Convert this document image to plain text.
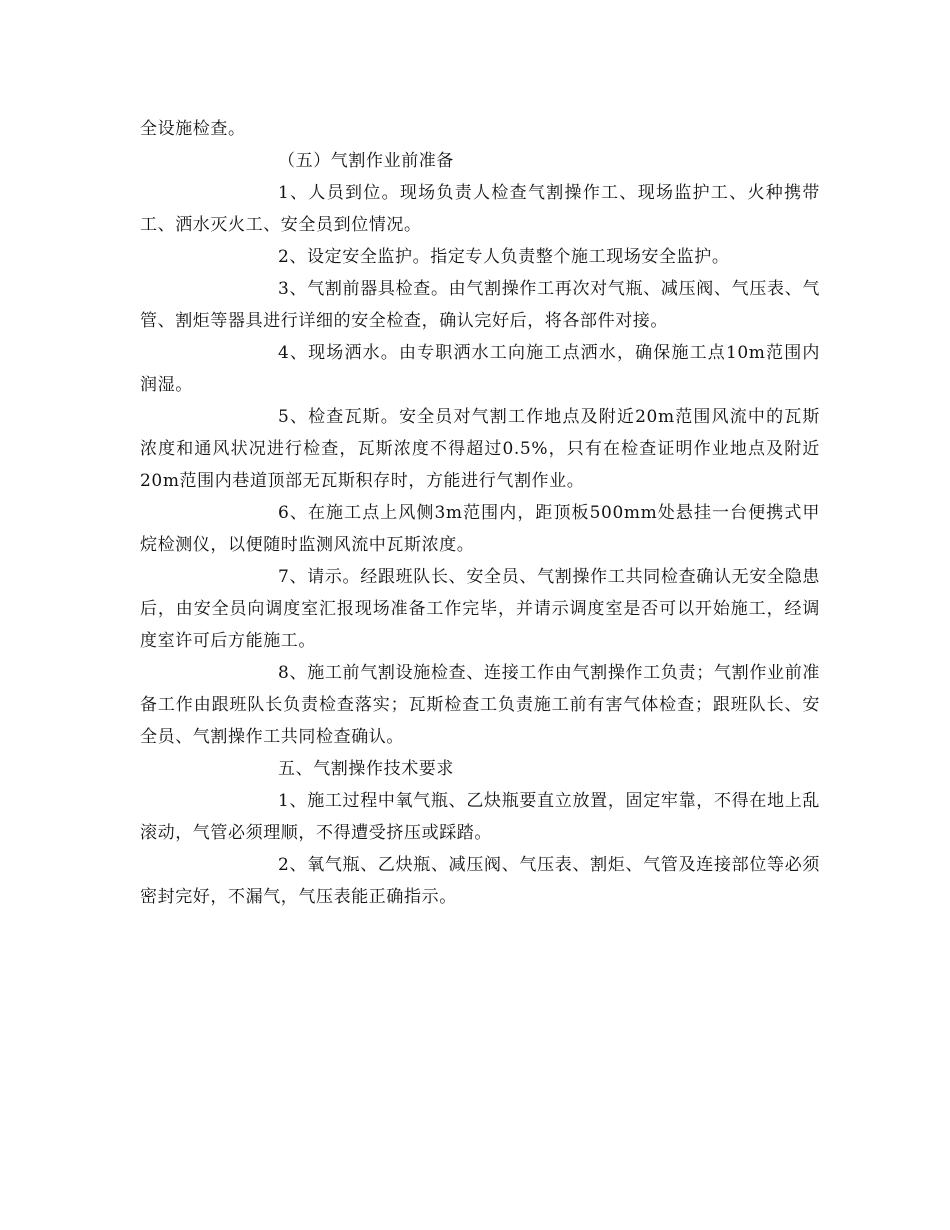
全设施检查。

（五）气割作业前准备

1、人员到位。现场负责人检查气割操作工、现场监护工、火种携带工、洒水灭火工、安全员到位情况。

2、设定安全监护。指定专人负责整个施工现场安全监护。

3、气割前器具检查。由气割操作工再次对气瓶、减压阀、气压表、气管、割炬等器具进行详细的安全检查，确认完好后，将各部件对接。

4、现场洒水。由专职洒水工向施工点洒水，确保施工点10m范围内润湿。

5、检查瓦斯。安全员对气割工作地点及附近20m范围风流中的瓦斯浓度和通风状况进行检查，瓦斯浓度不得超过0.5%，只有在检查证明作业地点及附近20m范围内巷道顶部无瓦斯积存时，方能进行气割作业。

6、在施工点上风侧3m范围内，距顶板500mm处悬挂一台便携式甲烷检测仪，以便随时监测风流中瓦斯浓度。

7、请示。经跟班队长、安全员、气割操作工共同检查确认无安全隐患后，由安全员向调度室汇报现场准备工作完毕，并请示调度室是否可以开始施工，经调度室许可后方能施工。

8、施工前气割设施检查、连接工作由气割操作工负责；气割作业前准备工作由跟班队长负责检查落实；瓦斯检查工负责施工前有害气体检查；跟班队长、安全员、气割操作工共同检查确认。

五、气割操作技术要求

1、施工过程中氧气瓶、乙炔瓶要直立放置，固定牢靠，不得在地上乱滚动，气管必须理顺，不得遭受挤压或踩踏。

2、氧气瓶、乙炔瓶、减压阀、气压表、割炬、气管及连接部位等必须密封完好，不漏气，气压表能正确指示。
